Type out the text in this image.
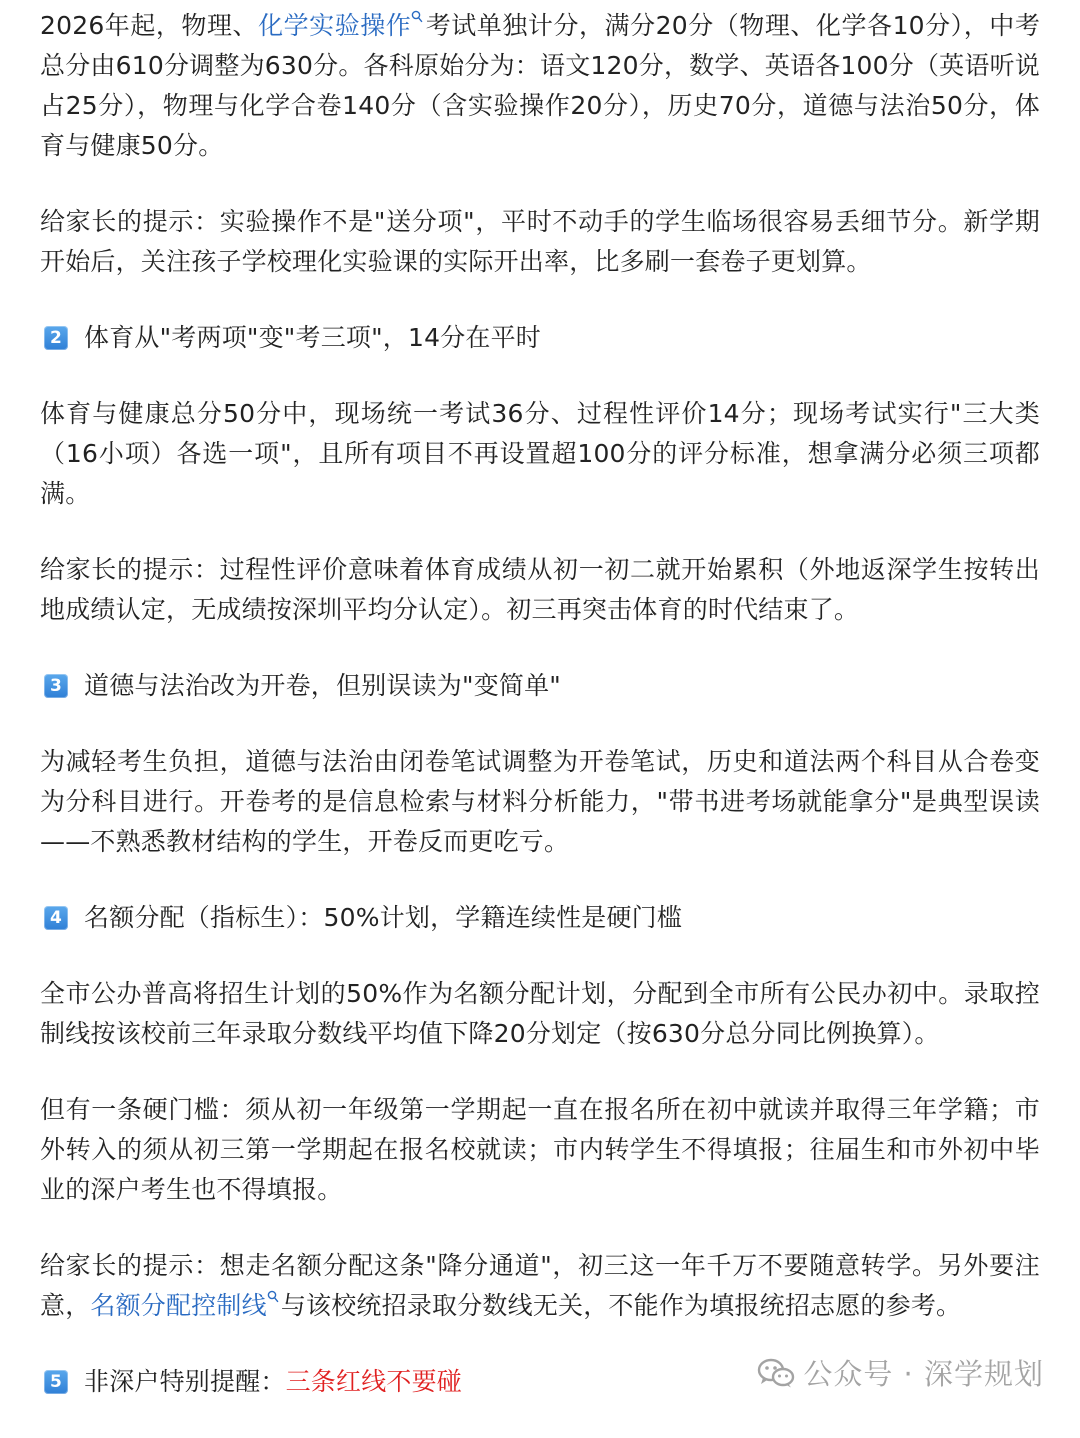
2026年起，物理、化学实验操作 考试单独计分，满分20分（物理、化学各10分），中考总分由610分调整为630分。各科原始分为：语文120分，数学、英语各100分（英语听说占25分），物理与化学合卷140分（含实验操作20分），历史70分，道德与法治50分，体育与健康50分。

给家长的提示：实验操作不是"送分项"，平时不动手的学生临场很容易丢细节分。新学期开始后，关注孩子学校理化实验课的实际开出率，比多刷一套卷子更划算。

2 体育从"考两项"变"考三项"，14分在平时

体育与健康总分50分中，现场统一考试36分、过程性评价14分；现场考试实行"三大类（16小项）各选一项"，且所有项目不再设置超100分的评分标准，想拿满分必须三项都满。

给家长的提示：过程性评价意味着体育成绩从初一初二就开始累积（外地返深学生按转出地成绩认定，无成绩按深圳平均分认定）。初三再突击体育的时代结束了。

3 道德与法治改为开卷，但别误读为"变简单"

为减轻考生负担，道德与法治由闭卷笔试调整为开卷笔试，历史和道法两个科目从合卷变为分科目进行。开卷考的是信息检索与材料分析能力，"带书进考场就能拿分"是典型误读——不熟悉教材结构的学生，开卷反而更吃亏。

4 名额分配（指标生）：50%计划，学籍连续性是硬门槛

全市公办普高将招生计划的50%作为名额分配计划，分配到全市所有公民办初中。录取控制线按该校前三年录取分数线平均值下降20分划定（按630分总分同比例换算）。

但有一条硬门槛：须从初一年级第一学期起一直在报名所在初中就读并取得三年学籍；市外转入的须从初三第一学期起在报名校就读；市内转学生不得填报；往届生和市外初中毕业的深户考生也不得填报。

给家长的提示：想走名额分配这条"降分通道"，初三这一年千万不要随意转学。另外要注意，名额分配控制线 与该校统招录取分数线无关，不能作为填报统招志愿的参考。

5 非深户特别提醒： 三条红线不要碰	公众号 · 深学规划
